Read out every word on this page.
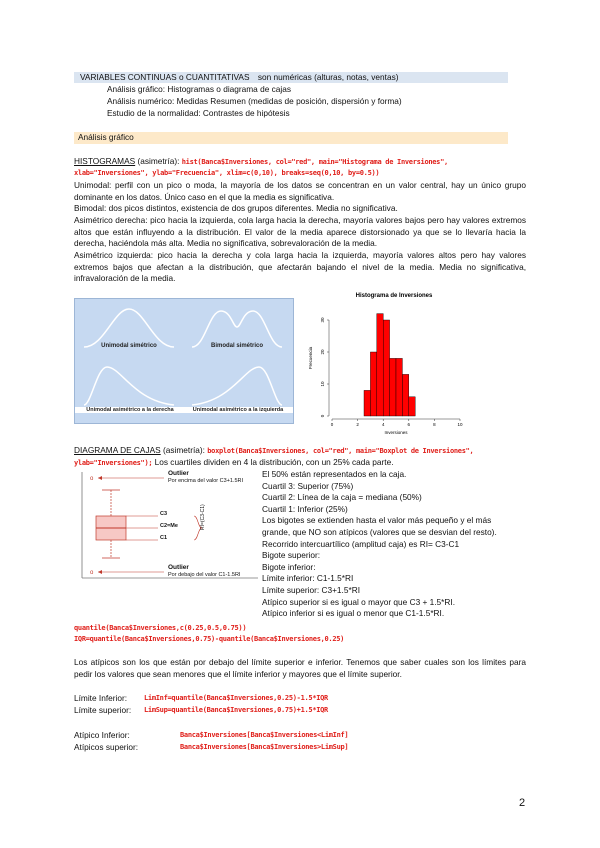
VARIABLES CONTINUAS o CUANTITATIVAS son numéricas (alturas, notas, ventas)
Análisis gráfico: Histogramas o diagrama de cajas
Análisis numérico: Medidas Resumen (medidas de posición, dispersión y forma)
Estudio de la normalidad: Contrastes de hipótesis
Análisis gráfico
HISTOGRAMAS (asimetría): hist(Banca$Inversiones, col="red", main="Histograma de Inversiones",
xlab="Inversiones", ylab="Frecuencia", xlim=c(0,10), breaks=seq(0,10, by=0.5))
Unimodal: perfil con un pico o moda, la mayoría de los datos se concentran en un valor central, hay un único grupo dominante en los datos. Único caso en el que la media es significativa.
Bimodal: dos picos distintos, existencia de dos grupos diferentes. Media no significativa.
Asimétrico derecha: pico hacia la izquierda, cola larga hacia la derecha, mayoría valores bajos pero hay valores extremos altos que están influyendo a la distribución. El valor de la media aparece distorsionado ya que se lo llevaría hacia la derecha, haciéndola más alta. Media no significativa, sobrevaloración de la media.
Asimétrico izquierda: pico hacia la derecha y cola larga hacia la izquierda, mayoría valores altos pero hay valores extremos bajos que afectan a la distribución, que afectarán bajando el nivel de la media. Media no significativa, infravaloración de la media.
Unimodal simétrico	Bimodal simétrico
Unimodal asimétrico a la derecha	Unimodal asimétrico a la izquierda
Histograma de Inversiones
Inversiones
Frecuencia
0	2	4	6	8	10
0
10
20
30
DIAGRAMA DE CAJAS (asimetría): boxplot(Banca$Inversiones, col="red", main="Boxplot de Inversiones",
ylab="Inversiones"); Los cuartiles dividen en 4 la distribución, con un 25% cada parte.
o
o
Outlier
Por encima del valor C3+1.5RI
C3
C2=Me
C1
RI=(C3-C1)
Outlier
Por debajo del valor C1-1.5RI
El 50% están representados en la caja.
Cuartil 3: Superior (75%)
Cuartil 2: Línea de la caja = mediana (50%)
Cuartil 1: Inferior (25%)
Los bigotes se extienden hasta el valor más pequeño y el más
grande, que NO son atípicos (valores que se desvian del resto).
Recorrido intercuartílico (amplitud caja) es RI= C3-C1
Bigote superior:
Bigote inferior:
Límite inferior: C1-1.5*RI
Límite superior: C3+1.5*RI
Atípico superior si es igual o mayor que C3 + 1.5*RI.
Atípico inferior si es igual o menor que C1-1.5*RI.
quantile(Banca$Inversiones,c(0.25,0.5,0.75))
IQR=quantile(Banca$Inversiones,0.75)-quantile(Banca$Inversiones,0.25)
Los atípicos son los que están por debajo del límite superior e inferior. Tenemos que saber cuales son los límites para pedir los valores que sean menores que el límite inferior y mayores que el límite superior.
Límite Inferior: LimInf=quantile(Banca$Inversiones,0.25)-1.5*IQR
Límite superior: LimSup=quantile(Banca$Inversiones,0.75)+1.5*IQR
Atípico Inferior:	Banca$Inversiones[Banca$Inversiones<LimInf]
Atípicos superior:	Banca$Inversiones[Banca$Inversiones>LimSup]
2
